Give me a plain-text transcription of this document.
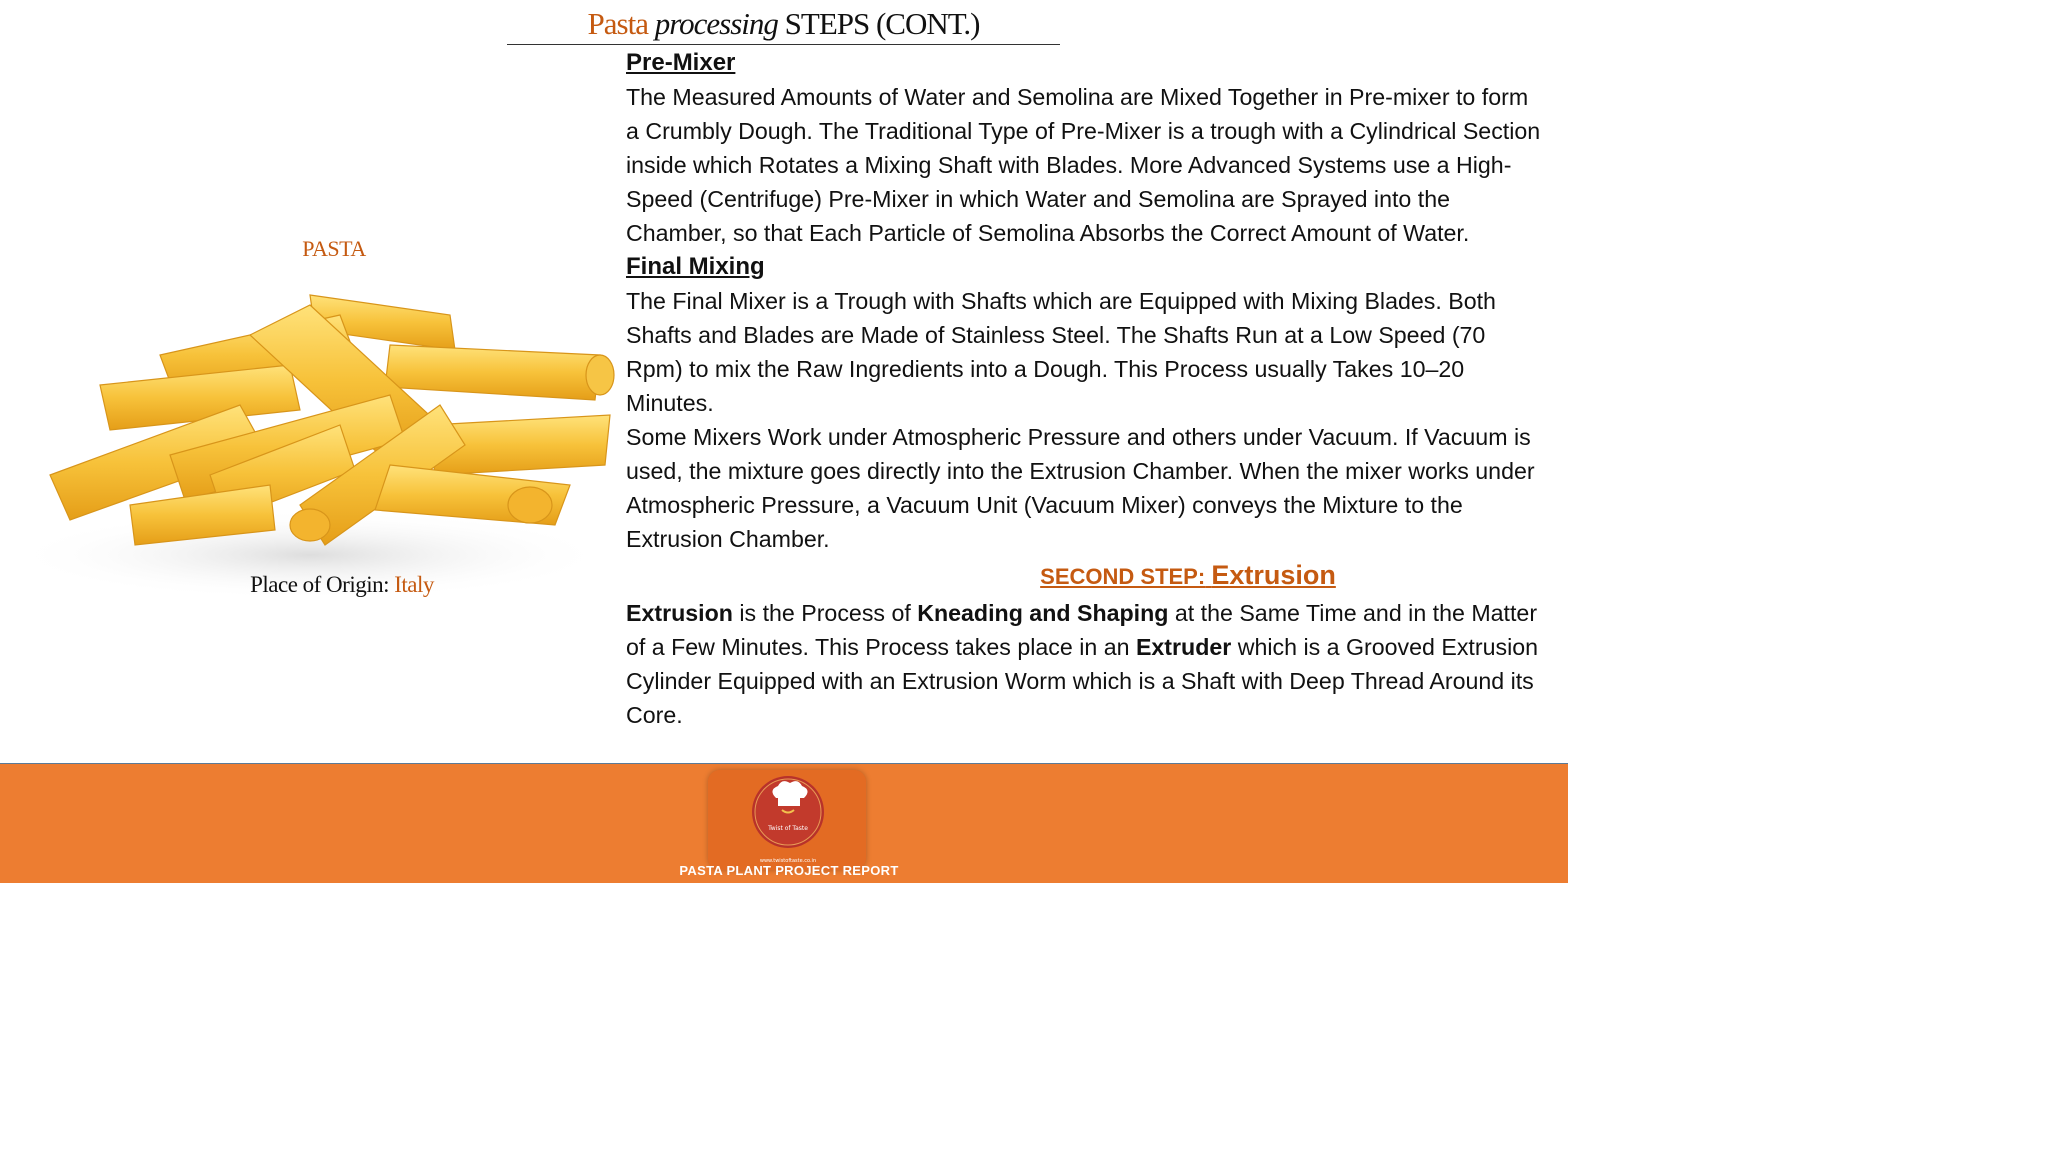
Pasta processing STEPS (CONT.)
PASTA
Place of Origin: Italy

Pre-Mixer

The Measured Amounts of Water and Semolina are Mixed Together in Pre-mixer to form a Crumbly Dough. The Traditional Type of Pre-Mixer is a trough with a Cylindrical Section inside which Rotates a Mixing Shaft with Blades. More Advanced Systems use a High-Speed (Centrifuge) Pre-Mixer in which Water and Semolina are Sprayed into the Chamber, so that Each Particle of Semolina Absorbs the Correct Amount of Water.

Final Mixing

The Final Mixer is a Trough with Shafts which are Equipped with Mixing Blades. Both Shafts and Blades are Made of Stainless Steel. The Shafts Run at a Low Speed (70 Rpm) to mix the Raw Ingredients into a Dough. This Process usually Takes 10–20 Minutes.

Some Mixers Work under Atmospheric Pressure and others under Vacuum. If Vacuum is used, the mixture goes directly into the Extrusion Chamber. When the mixer works under Atmospheric Pressure, a Vacuum Unit (Vacuum Mixer) conveys the Mixture to the Extrusion Chamber.

SECOND STEP: Extrusion

Extrusion is the Process of Kneading and Shaping at the Same Time and in the Matter of a Few Minutes. This Process takes place in an Extruder which is a Grooved Extrusion Cylinder Equipped with an Extrusion Worm which is a Shaft with Deep Thread Around its Core.

Twist of Taste
www.twistoftaste.co.in
PASTA PLANT PROJECT REPORT
